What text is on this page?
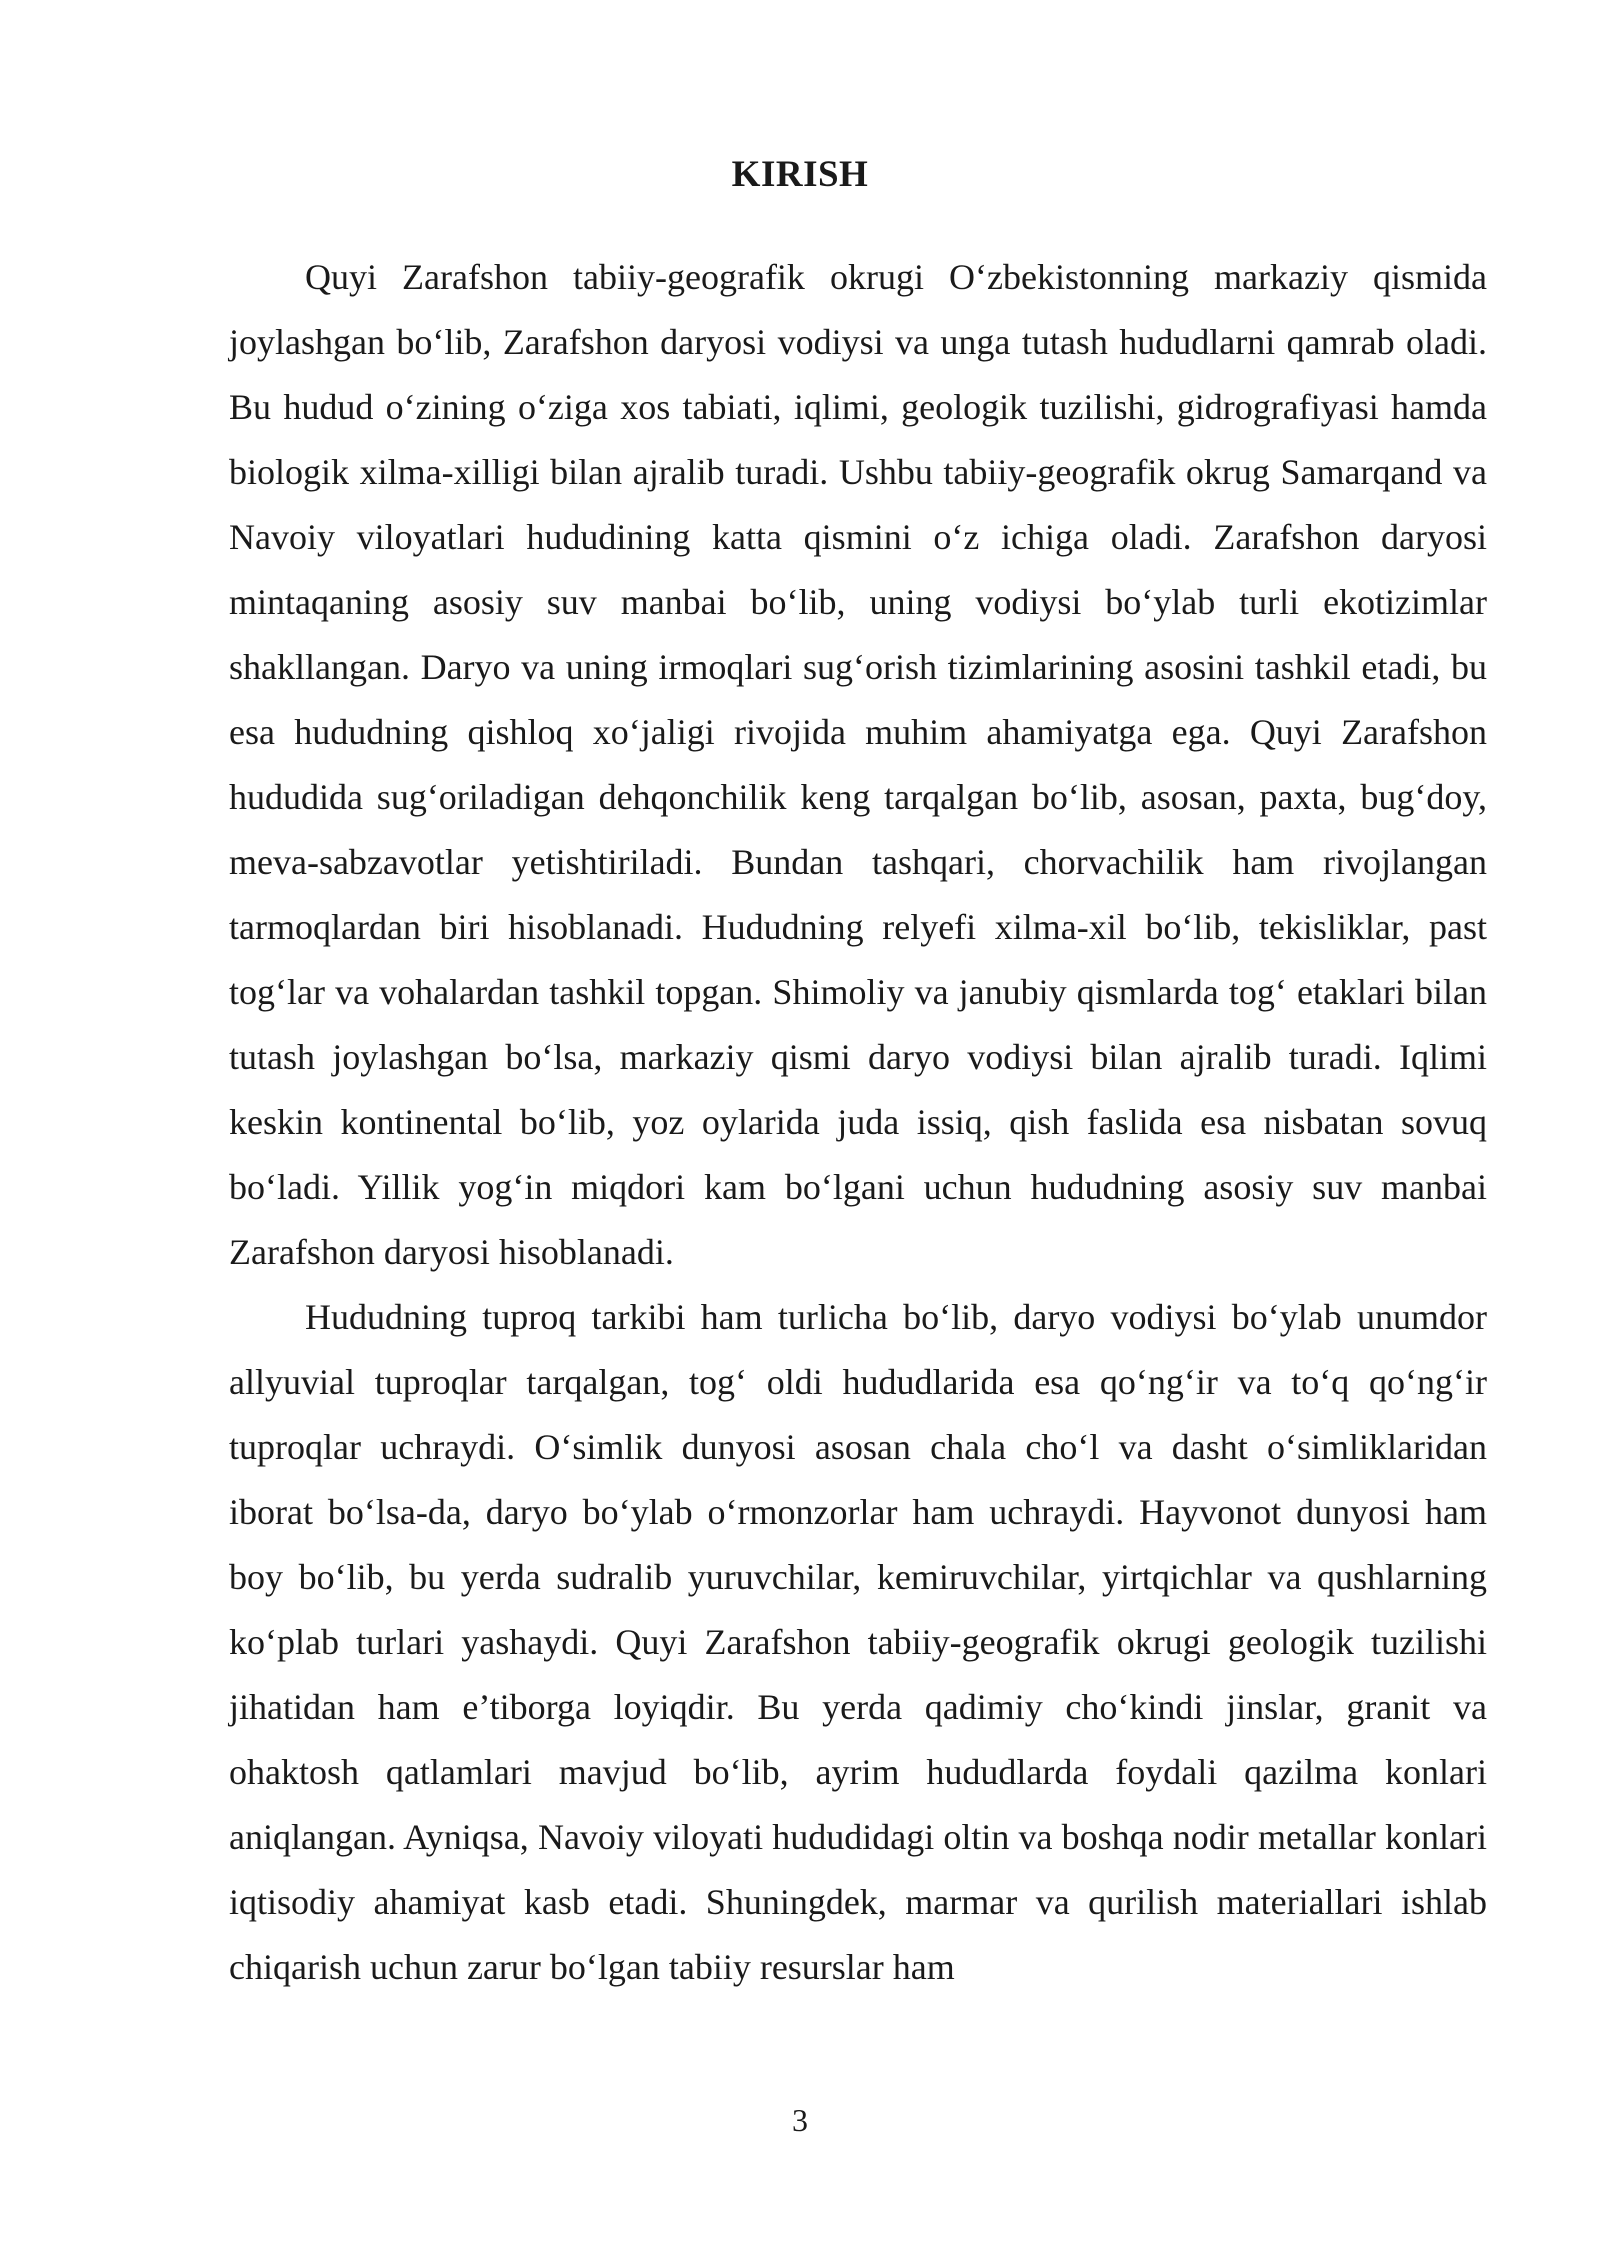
KIRISH

Quyi Zarafshon tabiiy-geografik okrugi O‘zbekistonning markaziy qismida joylashgan bo‘lib, Zarafshon daryosi vodiysi va unga tutash hududlarni qamrab oladi. Bu hudud o‘zining o‘ziga xos tabiati, iqlimi, geologik tuzilishi, gidrografiyasi hamda biologik xilma-xilligi bilan ajralib turadi. Ushbu tabiiy-geografik okrug Samarqand va Navoiy viloyatlari hududining katta qismini o‘z ichiga oladi. Zarafshon daryosi mintaqaning asosiy suv manbai bo‘lib, uning vodiysi bo‘ylab turli ekotizimlar shakllangan. Daryo va uning irmoqlari sug‘orish tizimlarining asosini tashkil etadi, bu esa hududning qishloq xo‘jaligi rivojida muhim ahamiyatga ega. Quyi Zarafshon hududida sug‘oriladigan dehqonchilik keng tarqalgan bo‘lib, asosan, paxta, bug‘doy, meva-sabzavotlar yetishtiriladi. Bundan tashqari, chorvachilik ham rivojlangan tarmoqlardan biri hisoblanadi. Hududning relyefi xilma-xil bo‘lib, tekisliklar, past tog‘lar va vohalardan tashkil topgan. Shimoliy va janubiy qismlarda tog‘ etaklari bilan tutash joylashgan bo‘lsa, markaziy qismi daryo vodiysi bilan ajralib turadi. Iqlimi keskin kontinental bo‘lib, yoz oylarida juda issiq, qish faslida esa nisbatan sovuq bo‘ladi. Yillik yog‘in miqdori kam bo‘lgani uchun hududning asosiy suv manbai Zarafshon daryosi hisoblanadi.

Hududning tuproq tarkibi ham turlicha bo‘lib, daryo vodiysi bo‘ylab unumdor allyuvial tuproqlar tarqalgan, tog‘ oldi hududlarida esa qo‘ng‘ir va to‘q qo‘ng‘ir tuproqlar uchraydi. O‘simlik dunyosi asosan chala cho‘l va dasht o‘simliklaridan iborat bo‘lsa-da, daryo bo‘ylab o‘rmonzorlar ham uchraydi. Hayvonot dunyosi ham boy bo‘lib, bu yerda sudralib yuruvchilar, kemiruvchilar, yirtqichlar va qushlarning ko‘plab turlari yashaydi. Quyi Zarafshon tabiiy-geografik okrugi geologik tuzilishi jihatidan ham e’tiborga loyiqdir. Bu yerda qadimiy cho‘kindi jinslar, granit va ohaktosh qatlamlari mavjud bo‘lib, ayrim hududlarda foydali qazilma konlari aniqlangan. Ayniqsa, Navoiy viloyati hududidagi oltin va boshqa nodir metallar konlari iqtisodiy ahamiyat kasb etadi. Shuningdek, marmar va qurilish materiallari ishlab chiqarish uchun zarur bo‘lgan tabiiy resurslar ham

3
